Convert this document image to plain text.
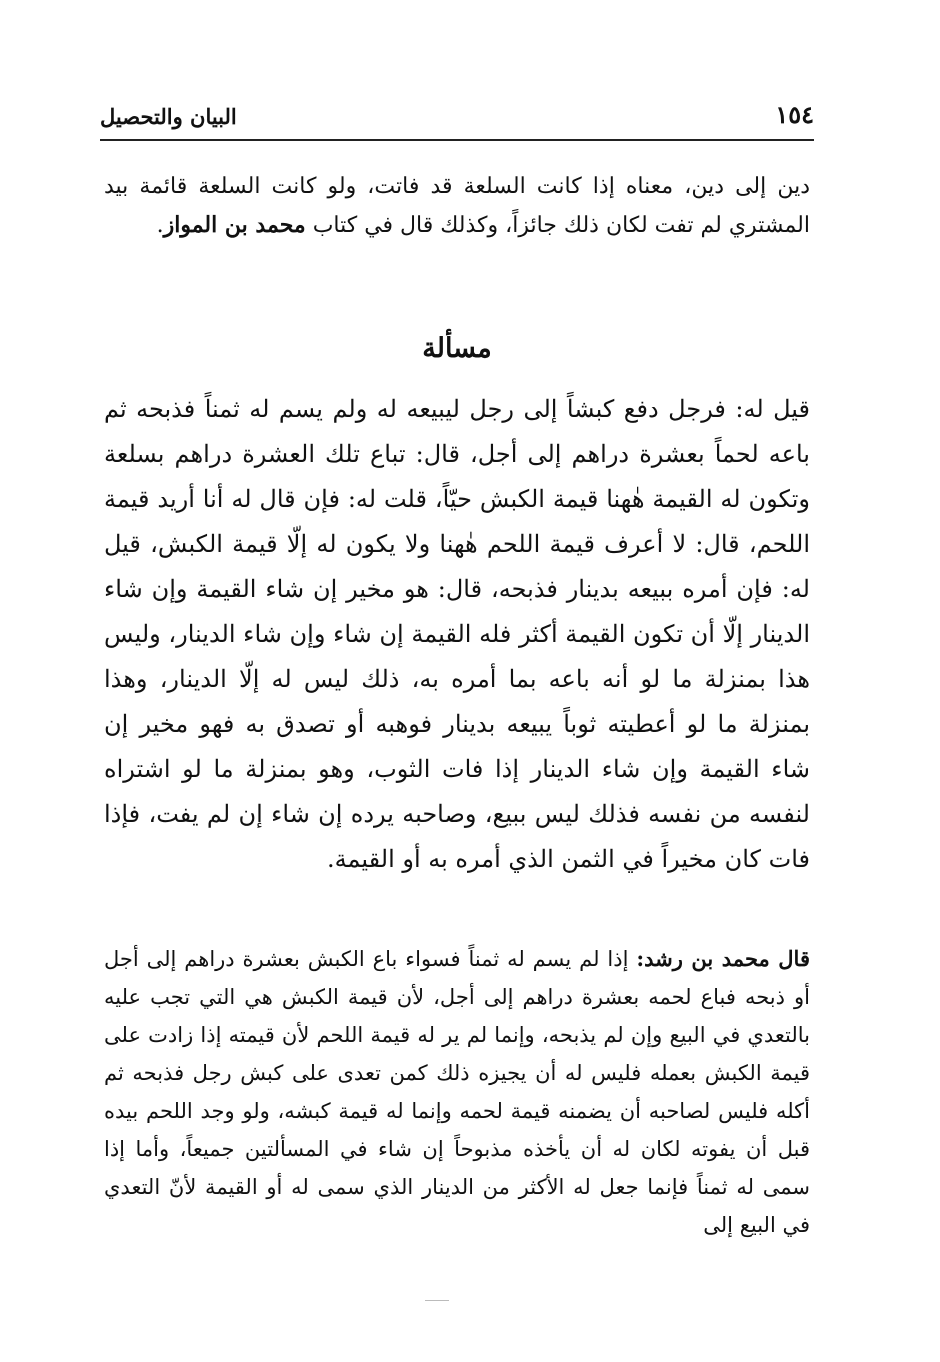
١٥٤
البيان والتحصيل
دين إلى دين، معناه إذا كانت السلعة قد فاتت، ولو كانت السلعة قائمة بيد المشتري لم تفت لكان ذلك جائزاً، وكذلك قال في كتاب محمد بن المواز.
مسألة
قيل له: فرجل دفع كبشاً إلى رجل ليبيعه له ولم يسم له ثمناً فذبحه ثم باعه لحماً بعشرة دراهم إلى أجل، قال: تباع تلك العشرة دراهم بسلعة وتكون له القيمة هٰهنا قيمة الكبش حيّاً، قلت له: فإن قال له أنا أريد قيمة اللحم، قال: لا أعرف قيمة اللحم هٰهنا ولا يكون له إلّا قيمة الكبش، قيل له: فإن أمره ببيعه بدينار فذبحه، قال: هو مخير إن شاء القيمة وإن شاء الدينار إلّا أن تكون القيمة أكثر فله القيمة إن شاء وإن شاء الدينار، وليس هذا بمنزلة ما لو أنه باعه بما أمره به، ذلك ليس له إلّا الدينار، وهذا بمنزلة ما لو أعطيته ثوباً يبيعه بدينار فوهبه أو تصدق به فهو مخير إن شاء القيمة وإن شاء الدينار إذا فات الثوب، وهو بمنزلة ما لو اشتراه لنفسه من نفسه فذلك ليس ببيع، وصاحبه يرده إن شاء إن لم يفت، فإذا فات كان مخيراً في الثمن الذي أمره به أو القيمة.
قال محمد بن رشد: إذا لم يسم له ثمناً فسواء باع الكبش بعشرة دراهم إلى أجل أو ذبحه فباع لحمه بعشرة دراهم إلى أجل، لأن قيمة الكبش هي التي تجب عليه بالتعدي في البيع وإن لم يذبحه، وإنما لم ير له قيمة اللحم لأن قيمته إذا زادت على قيمة الكبش بعمله فليس له أن يجيزه ذلك كمن تعدى على كبش رجل فذبحه ثم أكله فليس لصاحبه أن يضمنه قيمة لحمه وإنما له قيمة كبشه، ولو وجد اللحم بيده قبل أن يفوته لكان له أن يأخذه مذبوحاً إن شاء في المسألتين جميعاً، وأما إذا سمى له ثمناً فإنما جعل له الأكثر من الدينار الذي سمى له أو القيمة لأنّ التعدي في البيع إلى
